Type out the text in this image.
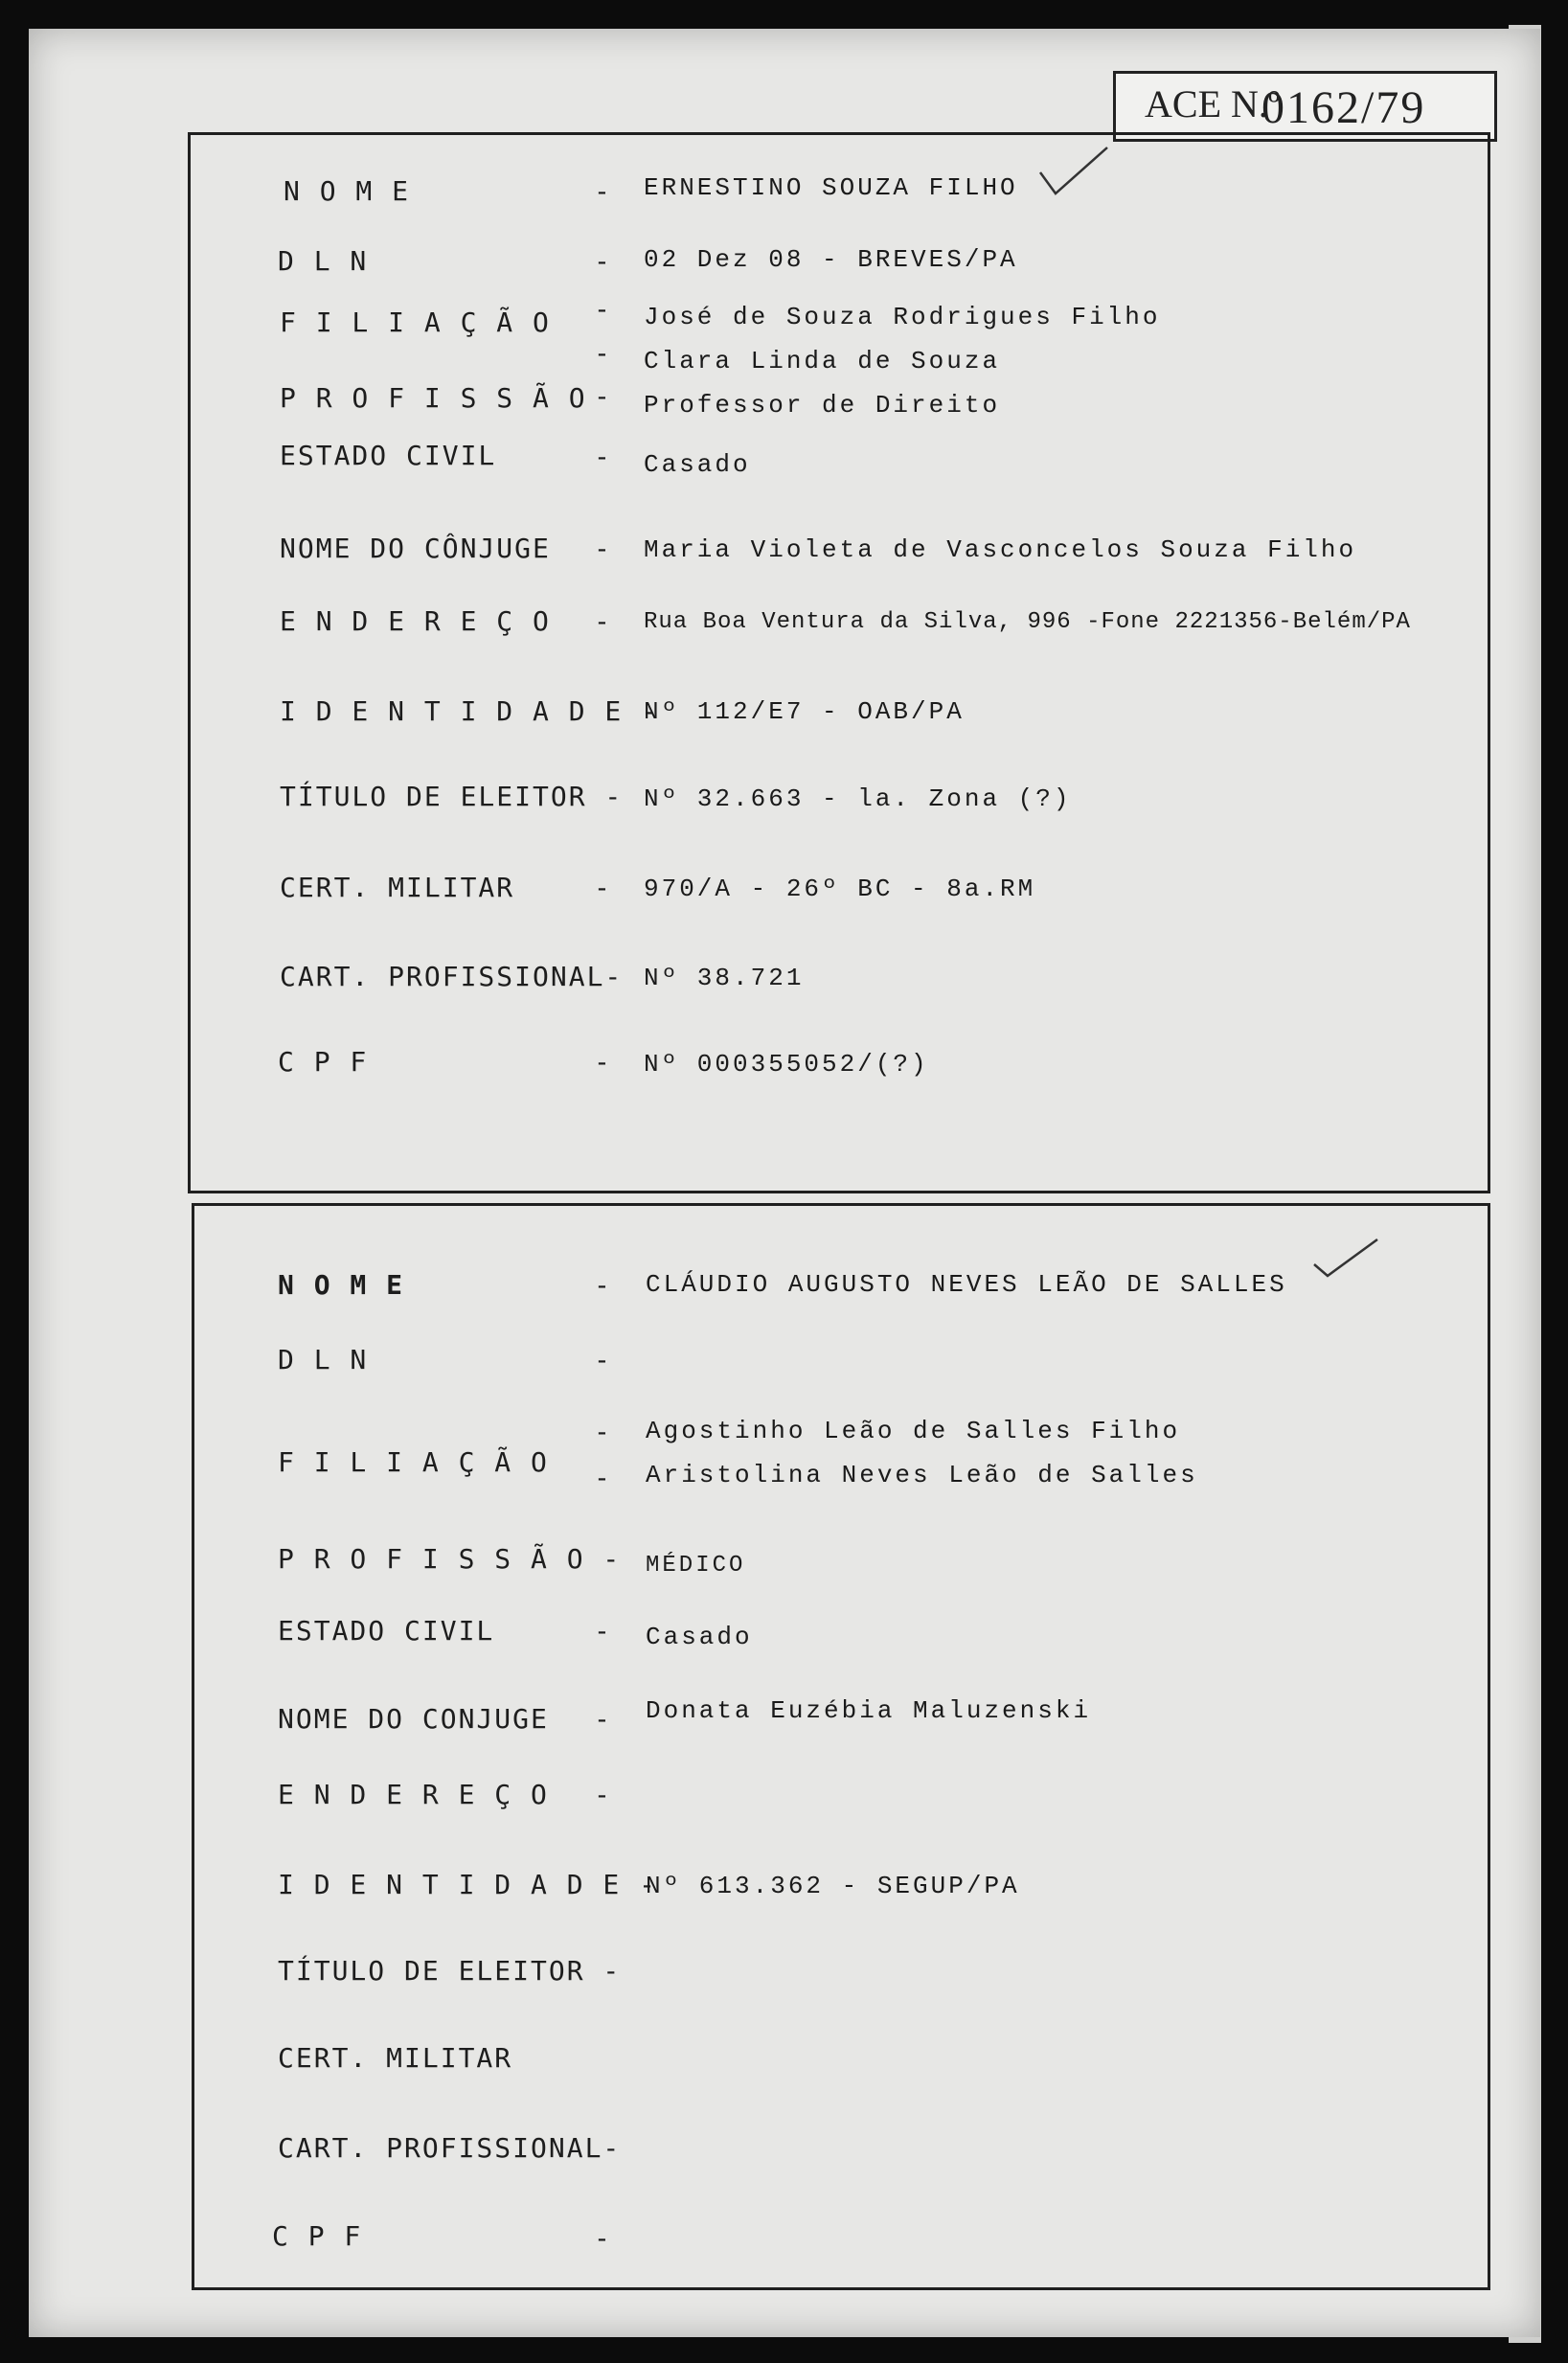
ACE N.º
0162/79
N O M E	- ERNESTINO SOUZA FILHO
D L N	- 02 Dez 08 - BREVES/PA
F I L I A Ç Ã O - José de Souza Rodrigues Filho
- Clara Linda de Souza
P R O F I S S Ã O - Professor de Direito
ESTADO CIVIL	- Casado
NOME DO CÔNJUGE - Maria Violeta de Vasconcelos Souza Filho
E N D E R E Ç O - Rua Boa Ventura da Silva, 996 -Fone 2221356-Belém/PA
I D E N T I D A D E -
Nº 112/E7 - OAB/PA
TÍTULO DE ELEITOR - Nº 32.663 - la. Zona (?)
CERT. MILITAR	- 970/A - 26º BC - 8a.RM
CART. PROFISSIONAL- Nº 38.721
C P F	- Nº 000355052/(?)
N O M E	- CLÁUDIO AUGUSTO NEVES LEÃO DE SALLES
D L N	-
F I L I A Ç Ã O
- Agostinho Leão de Salles Filho
- Aristolina Neves Leão de Salles
P R O F I S S Ã O - MÉDICO
ESTADO CIVIL	- Casado
NOME DO CONJUGE - Donata Euzébia Maluzenski
E N D E R E Ç O -
I D E N T I D A D E -
Nº 613.362 - SEGUP/PA
TÍTULO DE ELEITOR -
CERT. MILITAR
CART. PROFISSIONAL-
C P F	-
